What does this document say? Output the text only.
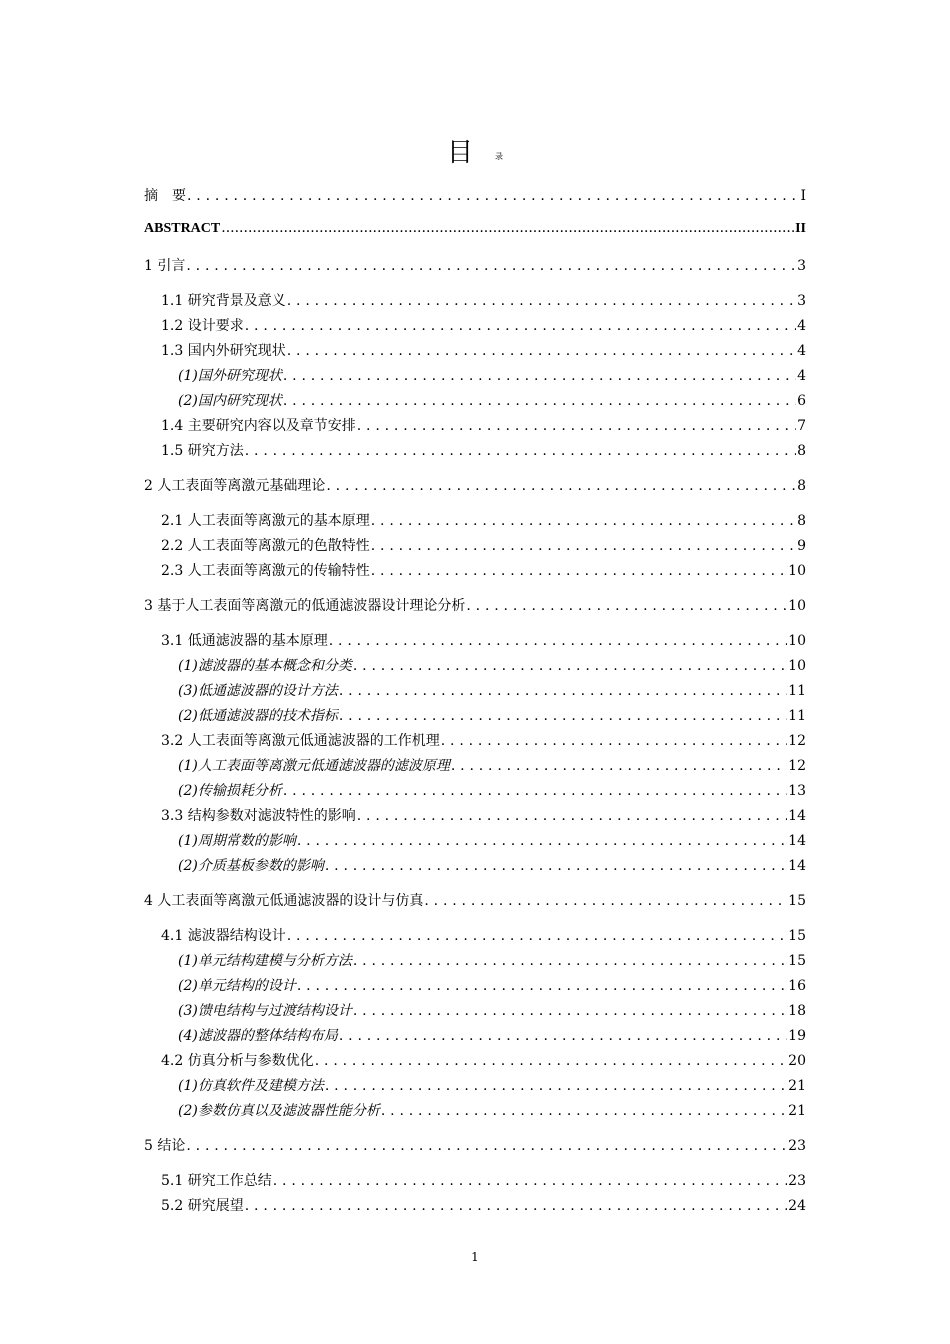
目	录
摘　要 . . .	I
ABSTRACT .....	II
1 引言 . . .	3
1.1 研究背景及意义 . . .	3
1.2 设计要求 . . .	4
1.3 国内外研究现状 . . .	4
(1)国外研究现状 . . .	4
(2)国内研究现状 . . .	6
1.4 主要研究内容以及章节安排 . . .	7
1.5 研究方法 . . .	8
2 人工表面等离激元基础理论 . . .	8
2.1 人工表面等离激元的基本原理 . . .	8
2.2 人工表面等离激元的色散特性 . . .	9
2.3 人工表面等离激元的传输特性 . . .	10
3 基于人工表面等离激元的低通滤波器设计理论分析 . . .	10
3.1 低通滤波器的基本原理 . . .	10
(1)滤波器的基本概念和分类 . . .	10
(3)低通滤波器的设计方法 . . .	11
(2)低通滤波器的技术指标 . . .	11
3.2 人工表面等离激元低通滤波器的工作机理 . . .	12
(1)人工表面等离激元低通滤波器的滤波原理 . . .	12
(2)传输损耗分析 . . .	13
3.3 结构参数对滤波特性的影响 . . .	14
(1)周期常数的影响 . . .	14
(2)介质基板参数的影响 . . .	14
4 人工表面等离激元低通滤波器的设计与仿真 . . .	15
4.1 滤波器结构设计 . . .	15
(1)单元结构建模与分析方法 . . .	15
(2)单元结构的设计 . . .	16
(3)馈电结构与过渡结构设计 . . .	18
(4)滤波器的整体结构布局 . . .	19
4.2 仿真分析与参数优化 . . .	20
(1)仿真软件及建模方法 . . .	21
(2)参数仿真以及滤波器性能分析 . . .	21
5 结论 . . .	23
5.1 研究工作总结 . . .	23
5.2 研究展望 . . .	24
1
